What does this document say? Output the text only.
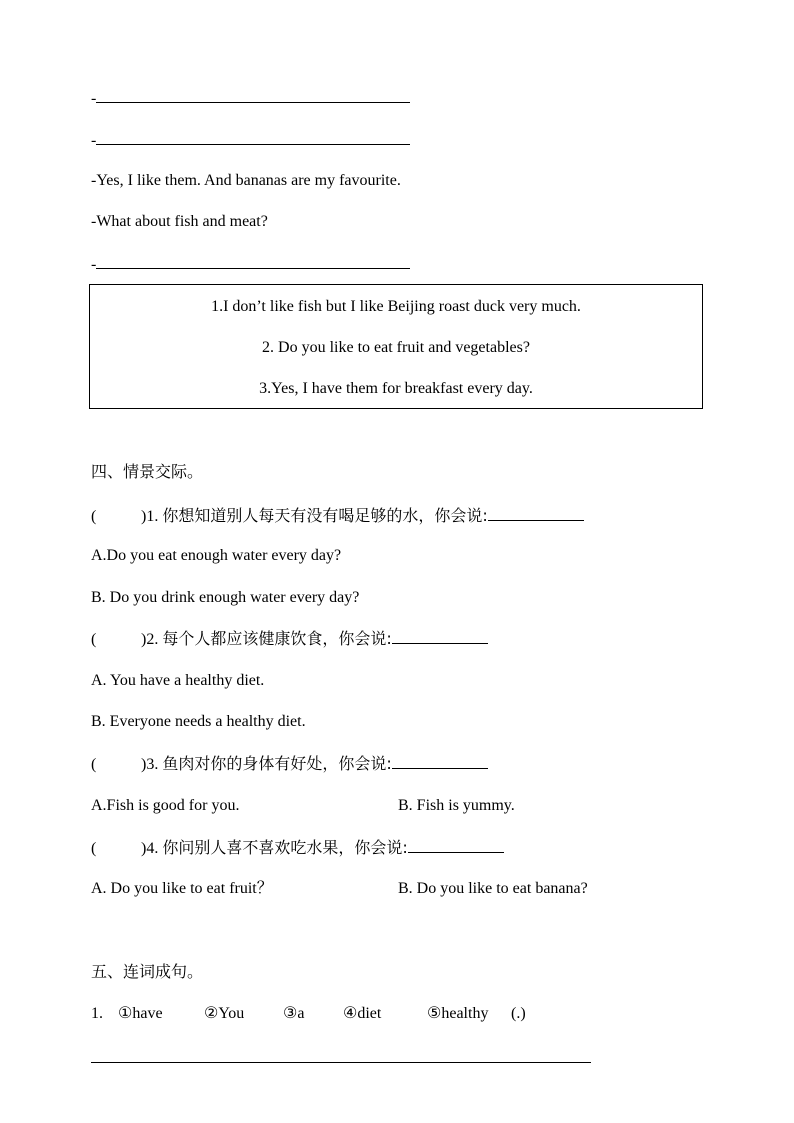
-
-
-Yes, I like them. And bananas are my favourite.
-What about fish and meat?
-
1.I don’t like fish but I like Beijing roast duck very much.
2. Do you like to eat fruit and vegetables?
3.Yes, I have them for breakfast every day.
四、情景交际。
(	)1. 你想知道别人每天有没有喝足够的水，你会说:
A.Do you eat enough water every day?
B. Do you drink enough water every day?
(	)2. 每个人都应该健康饮食，你会说:
A. You have a healthy diet.
B. Everyone needs a healthy diet.
(	)3. 鱼肉对你的身体有好处，你会说:
A.Fish is good for you.	B. Fish is yummy.
(	)4. 你问别人喜不喜欢吃水果，你会说:
A. Do you like to eat fruit？	B. Do you like to eat banana?
五、连词成句。
1. ①have	②You ③a ④diet	⑤healthy (.)
